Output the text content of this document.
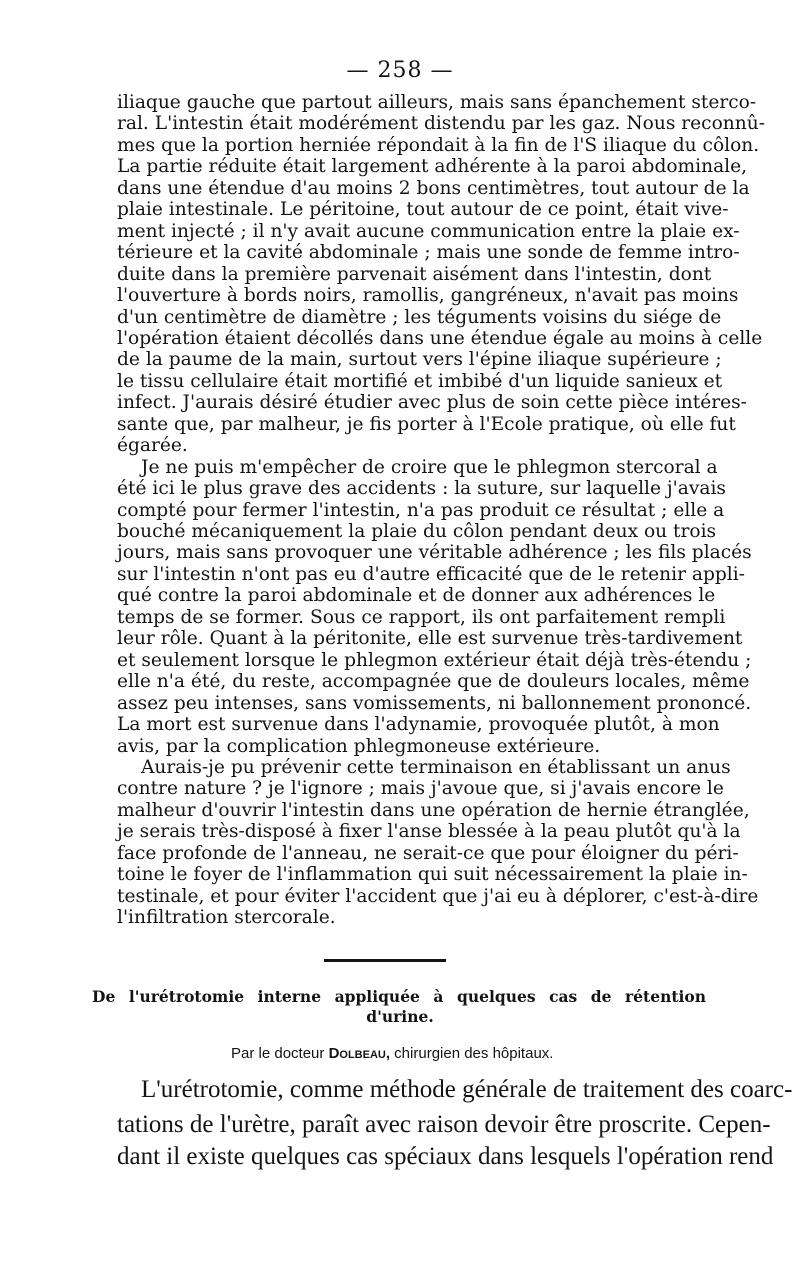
— 258 —
iliaque gauche que partout ailleurs, mais sans épanchement sterco-
ral. L'intestin était modérément distendu par les gaz. Nous reconnû-
mes que la portion herniée répondait à la fin de l'S iliaque du côlon.
La partie réduite était largement adhérente à la paroi abdominale,
dans une étendue d'au moins 2 bons centimètres, tout autour de la
plaie intestinale. Le péritoine, tout autour de ce point, était vive-
ment injecté ; il n'y avait aucune communication entre la plaie ex-
térieure et la cavité abdominale ; mais une sonde de femme intro-
duite dans la première parvenait aisément dans l'intestin, dont
l'ouverture à bords noirs, ramollis, gangréneux, n'avait pas moins
d'un centimètre de diamètre ; les téguments voisins du siége de
l'opération étaient décollés dans une étendue égale au moins à celle
de la paume de la main, surtout vers l'épine iliaque supérieure ;
le tissu cellulaire était mortifié et imbibé d'un liquide sanieux et
infect. J'aurais désiré étudier avec plus de soin cette pièce intéres-
sante que, par malheur, je fis porter à l'Ecole pratique, où elle fut
égarée.
Je ne puis m'empêcher de croire que le phlegmon stercoral a
été ici le plus grave des accidents : la suture, sur laquelle j'avais
compté pour fermer l'intestin, n'a pas produit ce résultat ; elle a
bouché mécaniquement la plaie du côlon pendant deux ou trois
jours, mais sans provoquer une véritable adhérence ; les fils placés
sur l'intestin n'ont pas eu d'autre efficacité que de le retenir appli-
qué contre la paroi abdominale et de donner aux adhérences le
temps de se former. Sous ce rapport, ils ont parfaitement rempli
leur rôle. Quant à la péritonite, elle est survenue très-tardivement
et seulement lorsque le phlegmon extérieur était déjà très-étendu ;
elle n'a été, du reste, accompagnée que de douleurs locales, même
assez peu intenses, sans vomissements, ni ballonnement prononcé.
La mort est survenue dans l'adynamie, provoquée plutôt, à mon
avis, par la complication phlegmoneuse extérieure.
Aurais-je pu prévenir cette terminaison en établissant un anus
contre nature ? je l'ignore ; mais j'avoue que, si j'avais encore le
malheur d'ouvrir l'intestin dans une opération de hernie étranglée,
je serais très-disposé à fixer l'anse blessée à la peau plutôt qu'à la
face profonde de l'anneau, ne serait-ce que pour éloigner du péri-
toine le foyer de l'inflammation qui suit nécessairement la plaie in-
testinale, et pour éviter l'accident que j'ai eu à déplorer, c'est-à-dire
l'infiltration stercorale.
De l'urétrotomie interne appliquée à quelques cas de rétention
d'urine.
Par le docteur Dolbeau, chirurgien des hôpitaux.
L'urétrotomie, comme méthode générale de traitement des coarc-
tations de l'urètre, paraît avec raison devoir être proscrite. Cepen-
dant il existe quelques cas spéciaux dans lesquels l'opération rend
